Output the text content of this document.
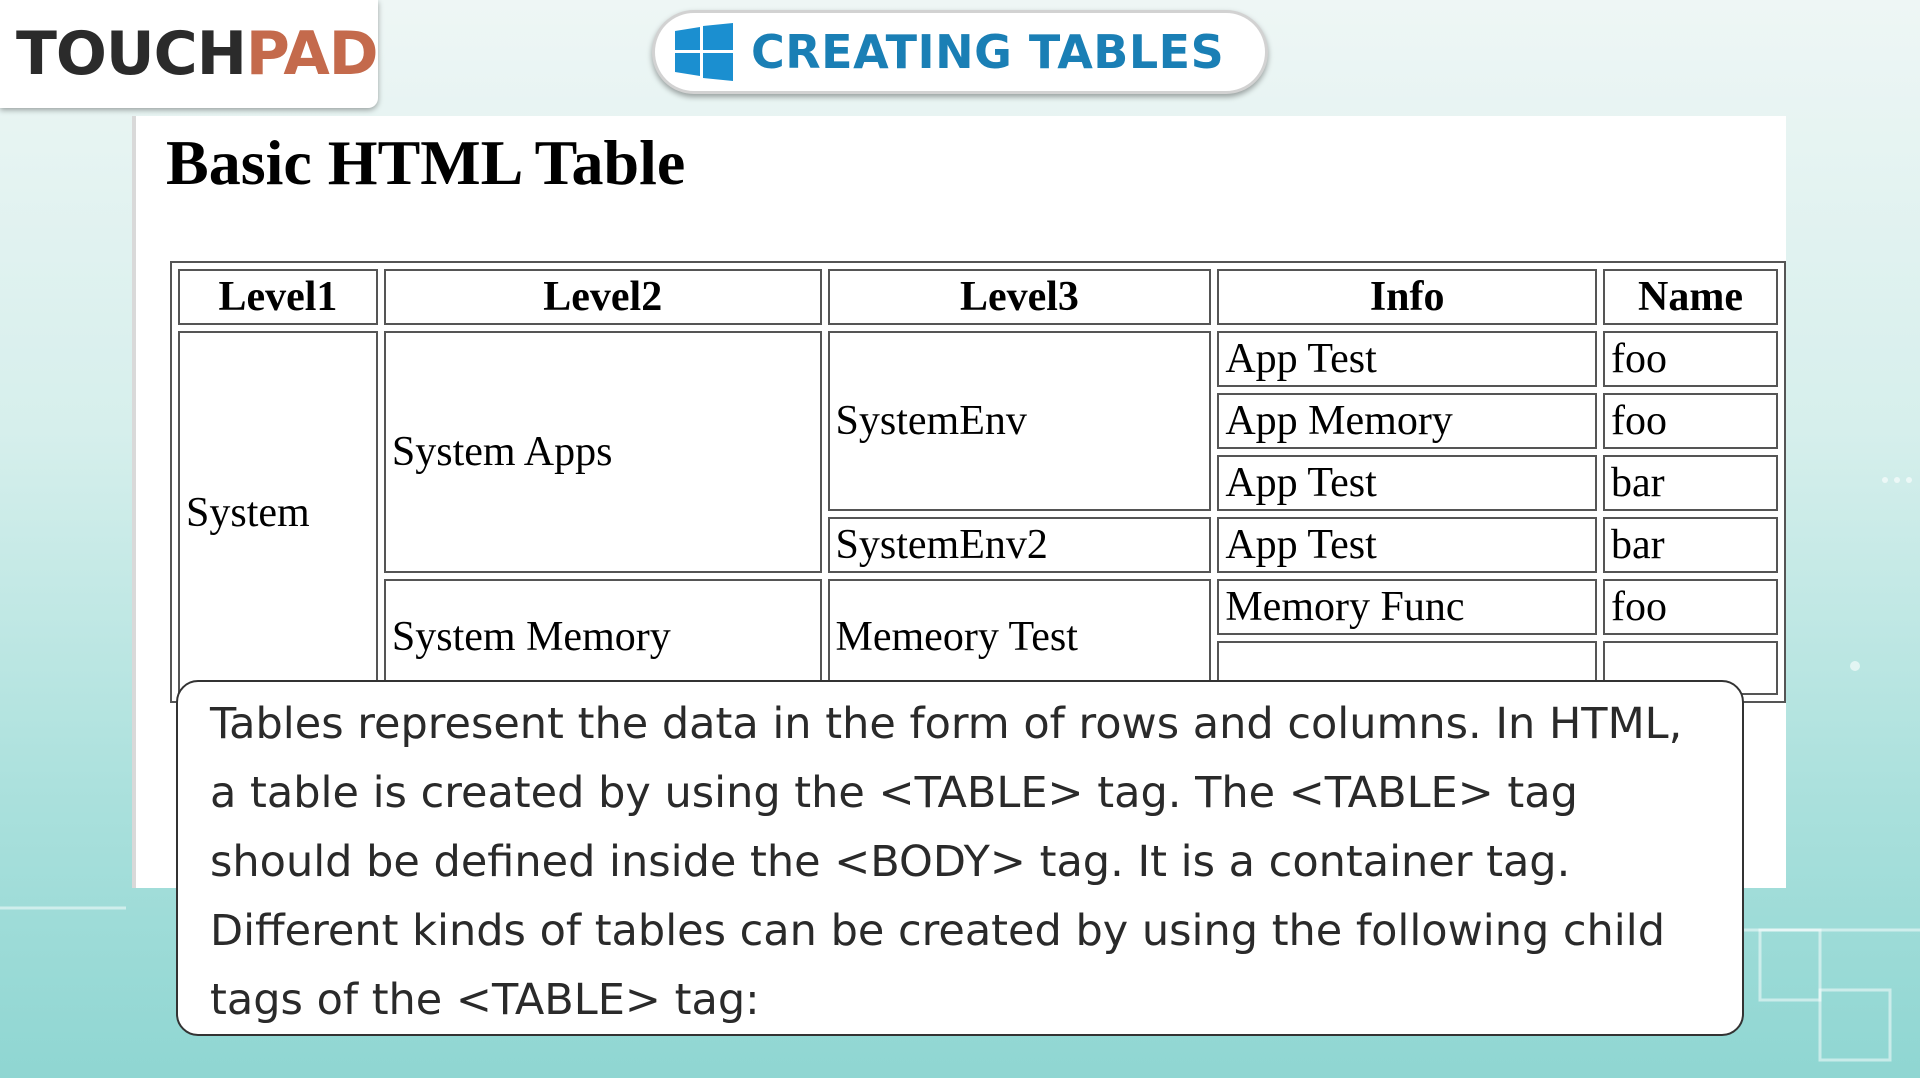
TOUCHPAD	CREATING TABLES
Basic HTML Table
Level1	Level2	Level3	Info	Name
System	System Apps	SystemEnv	App Test	foo
			App Memory	foo
			App Test	bar
		SystemEnv2	App Test	bar
	System Memory	Memeory Test	Memory Func	foo

Tables represent the data in the form of rows and columns. In HTML,
a table is created by using the <TABLE> tag. The <TABLE> tag
should be defined inside the <BODY> tag. It is a container tag.
Different kinds of tables can be created by using the following child
tags of the <TABLE> tag:
